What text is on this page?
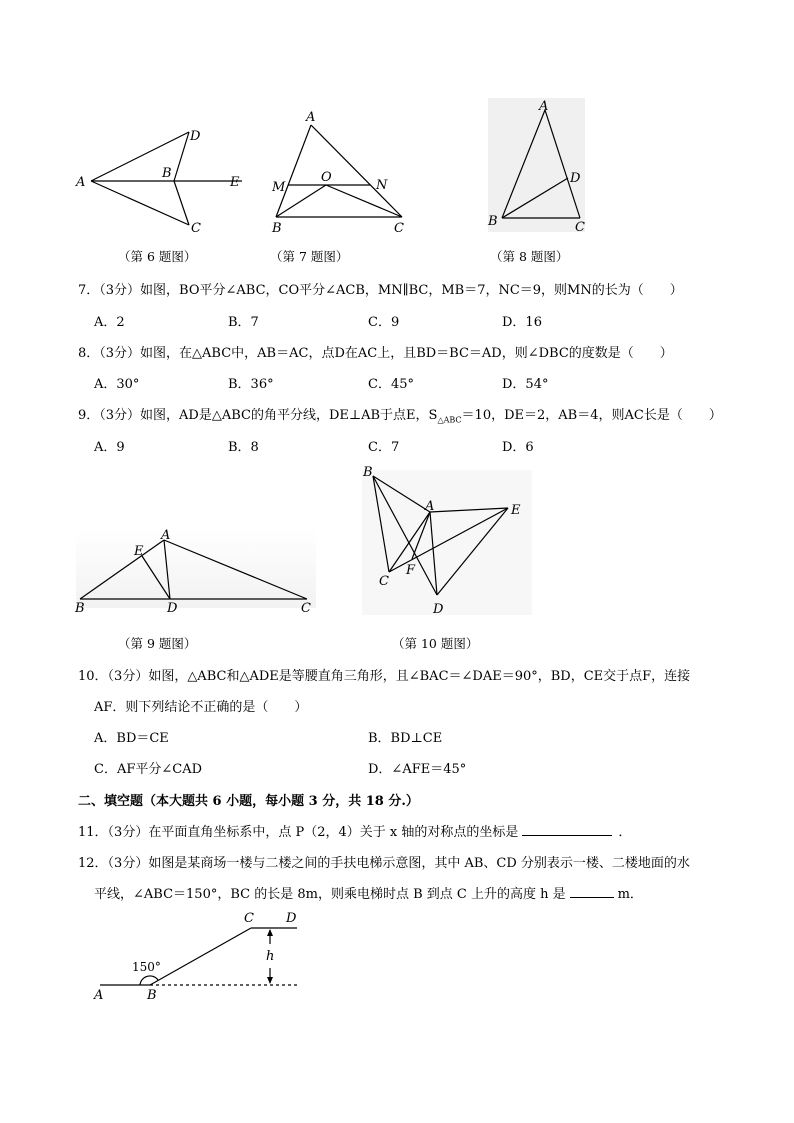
A
B
D
E
C
（第 6 题图）
A
M
O
N
B	C
（第 7 题图）
A
D
B	C
（第 8 题图）
7．（3分）如图，BO平分∠ABC，CO平分∠ACB，MN∥BC，MB＝7，NC＝9，则MN的长为（　　）
A．2	B．7	C．9	D．16
8．（3分）如图，在△ABC中，AB＝AC，点D在AC上，且BD＝BC＝AD，则∠DBC的度数是（　　）
A．30°	B．36°	C．45°	D．54°
9．（3分）如图，AD是△ABC的角平分线，DE⊥AB于点E，$S_{\triangle ABC}=10$，DE＝2，AB＝4，则AC长是（　　）
A．9	B．8	C．7	D．6
A
E
B	D	C
（第 9 题图）
B
A	E
C
F
D
（第 10 题图）
10．（3分）如图，△ABC和△ADE是等腰直角三角形，且∠BAC＝∠DAE＝90°，BD，CE交于点F，连接
AF．则下列结论不正确的是（　　）
A．BD＝CE	B．BD⊥CE
C．AF平分∠CAD	D．∠AFE＝45°
二、填空题（本大题共 6 小题，每小题 3 分，共 18 分.）
11．（3分）在平面直角坐标系中，点 P（2，4）关于 x 轴的对称点的坐标是	．
12．（3分）如图是某商场一楼与二楼之间的手扶电梯示意图，其中 AB、CD 分别表示一楼、二楼地面的水
平线，∠ABC＝150°，BC 的长是 8m，则乘电梯时点 B 到点 C 上升的高度 h 是	m．
150°
A	B
C D
h
